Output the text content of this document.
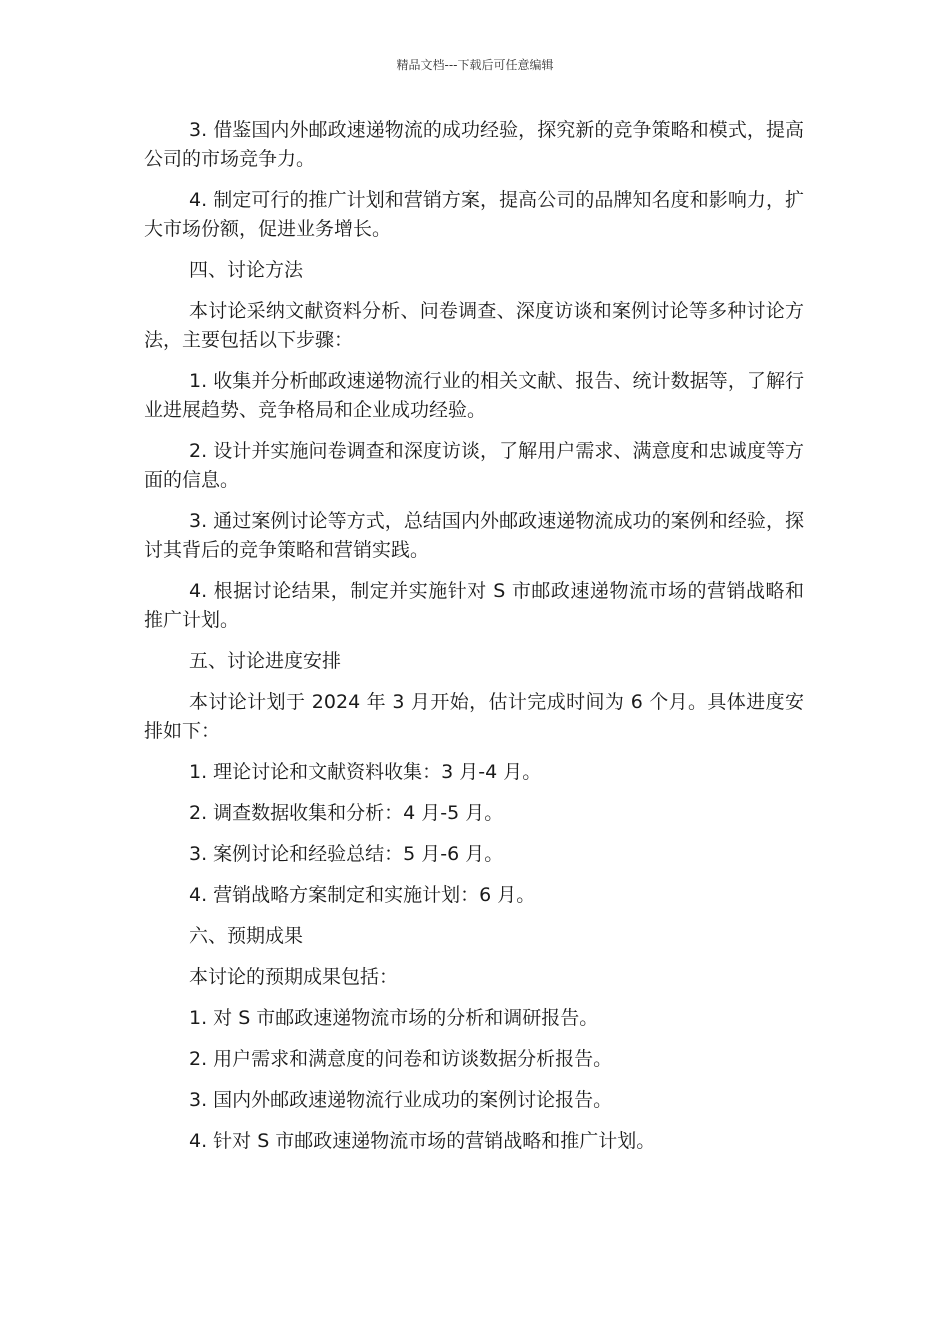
精品文档---下载后可任意编辑

3. 借鉴国内外邮政速递物流的成功经验，探究新的竞争策略和模式，提高公司的市场竞争力。

4. 制定可行的推广计划和营销方案，提高公司的品牌知名度和影响力，扩大市场份额，促进业务增长。

四、讨论方法

本讨论采纳文献资料分析、问卷调查、深度访谈和案例讨论等多种讨论方法，主要包括以下步骤：

1. 收集并分析邮政速递物流行业的相关文献、报告、统计数据等，了解行业进展趋势、竞争格局和企业成功经验。

2. 设计并实施问卷调查和深度访谈，了解用户需求、满意度和忠诚度等方面的信息。

3. 通过案例讨论等方式，总结国内外邮政速递物流成功的案例和经验，探讨其背后的竞争策略和营销实践。

4. 根据讨论结果，制定并实施针对 S 市邮政速递物流市场的营销战略和推广计划。

五、讨论进度安排

本讨论计划于 2024 年 3 月开始，估计完成时间为 6 个月。具体进度安排如下：

1. 理论讨论和文献资料收集：3 月-4 月。

2. 调查数据收集和分析：4 月-5 月。

3. 案例讨论和经验总结：5 月-6 月。

4. 营销战略方案制定和实施计划：6 月。

六、预期成果

本讨论的预期成果包括：

1. 对 S 市邮政速递物流市场的分析和调研报告。

2. 用户需求和满意度的问卷和访谈数据分析报告。

3. 国内外邮政速递物流行业成功的案例讨论报告。

4. 针对 S 市邮政速递物流市场的营销战略和推广计划。
